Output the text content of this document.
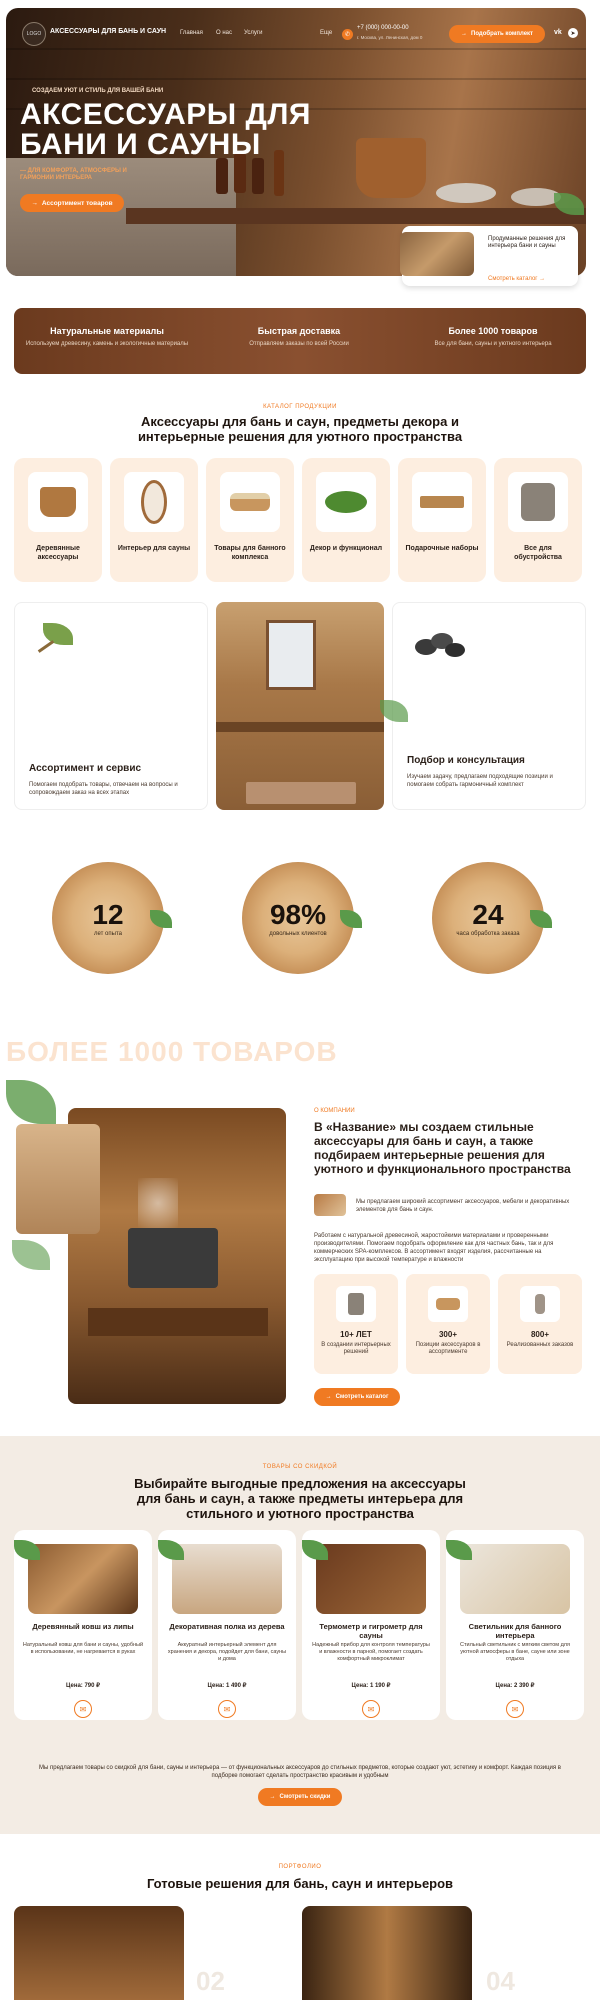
LOGO АКСЕССУАРЫ ДЛЯ БАНЬ И САУН Главная О нас Услуги	Еще	✆
+7 (000) 000-00-00
г. Москва, ул. Ленинская, дом 0
→ Подобрать комплект	vk	➤
СОЗДАЕМ УЮТ И СТИЛЬ ДЛЯ ВАШЕЙ БАНИ
АКСЕССУАРЫ ДЛЯ
БАНИ И САУНЫ
— ДЛЯ КОМФОРТА, АТМОСФЕРЫ И ГАРМОНИИ ИНТЕРЬЕРА
→ Ассортимент товаров
Продуманные решения для интерьера бани и сауны
Смотреть каталог →
Натуральные материалы
Используем древесину, камень и экологичные материалы
Быстрая доставка
Отправляем заказы по всей России
Более 1000 товаров
Все для бани, сауны и уютного интерьера
КАТАЛОГ ПРОДУКЦИИ
Аксессуары для бань и саун, предметы декора и интерьерные решения для уютного пространства
Деревянные аксессуары
Интерьер для сауны	Товары для банного комплекса
Декор и функционал	Подарочные наборы	Все для обустройства
Ассортимент и сервис
Помогаем подобрать товары, отвечаем на вопросы и сопровождаем заказ на всех этапах
Подбор и консультация
Изучаем задачу, предлагаем подходящие позиции и помогаем собрать гармоничный комплект
12
лет опыта
98%
довольных клиентов
24
часа обработка заказа
БОЛЕЕ 1000 ТОВАРОВ
О КОМПАНИИ
В «Название» мы создаем стильные аксессуары для бань и саун, а также подбираем интерьерные решения для уютного и функционального пространства
Мы предлагаем широкий ассортимент аксессуаров, мебели и декоративных элементов для бань и саун.
Работаем с натуральной древесиной, жаростойкими материалами и проверенными производителями. Помогаем подобрать оформление как для частных бань, так и для коммерческих SPA-комплексов. В ассортимент входят изделия, рассчитанные на эксплуатацию при высокой температуре и влажности
10+ ЛЕТ
В создании интерьерных решений
300+
Позиции аксессуаров в ассортименте
800+
Реализованных заказов
→ Смотреть каталог
ТОВАРЫ СО СКИДКОЙ
Выбирайте выгодные предложения на аксессуары для бань и саун, а также предметы интерьера для стильного и уютного пространства
Деревянный ковш из липы
Натуральный ковш для бани и сауны, удобный в использовании, не нагревается в руках
Цена: 790 ₽
✉
Декоративная полка из дерева
Аккуратный интерьерный элемент для хранения и декора, подойдет для бани, сауны и дома
Цена: 1 490 ₽
✉
Термометр и гигрометр для сауны
Надежный прибор для контроля температуры и влажности в парной, помогает создать комфортный микроклимат
Цена: 1 190 ₽
✉
Светильник для банного интерьера
Стильный светильник с мягким светом для уютной атмосферы в бане, сауне или зоне отдыха
Цена: 2 390 ₽
✉
Мы предлагаем товары со скидкой для бани, сауны и интерьера — от функциональных аксессуаров до стильных предметов, которые создают уют, эстетику и комфорт. Каждая позиция в подборке помогает сделать пространство красивым и удобным
→ Смотреть скидки
ПОРТФОЛИО
Готовые решения для бань, саун и интерьеров
02	04
